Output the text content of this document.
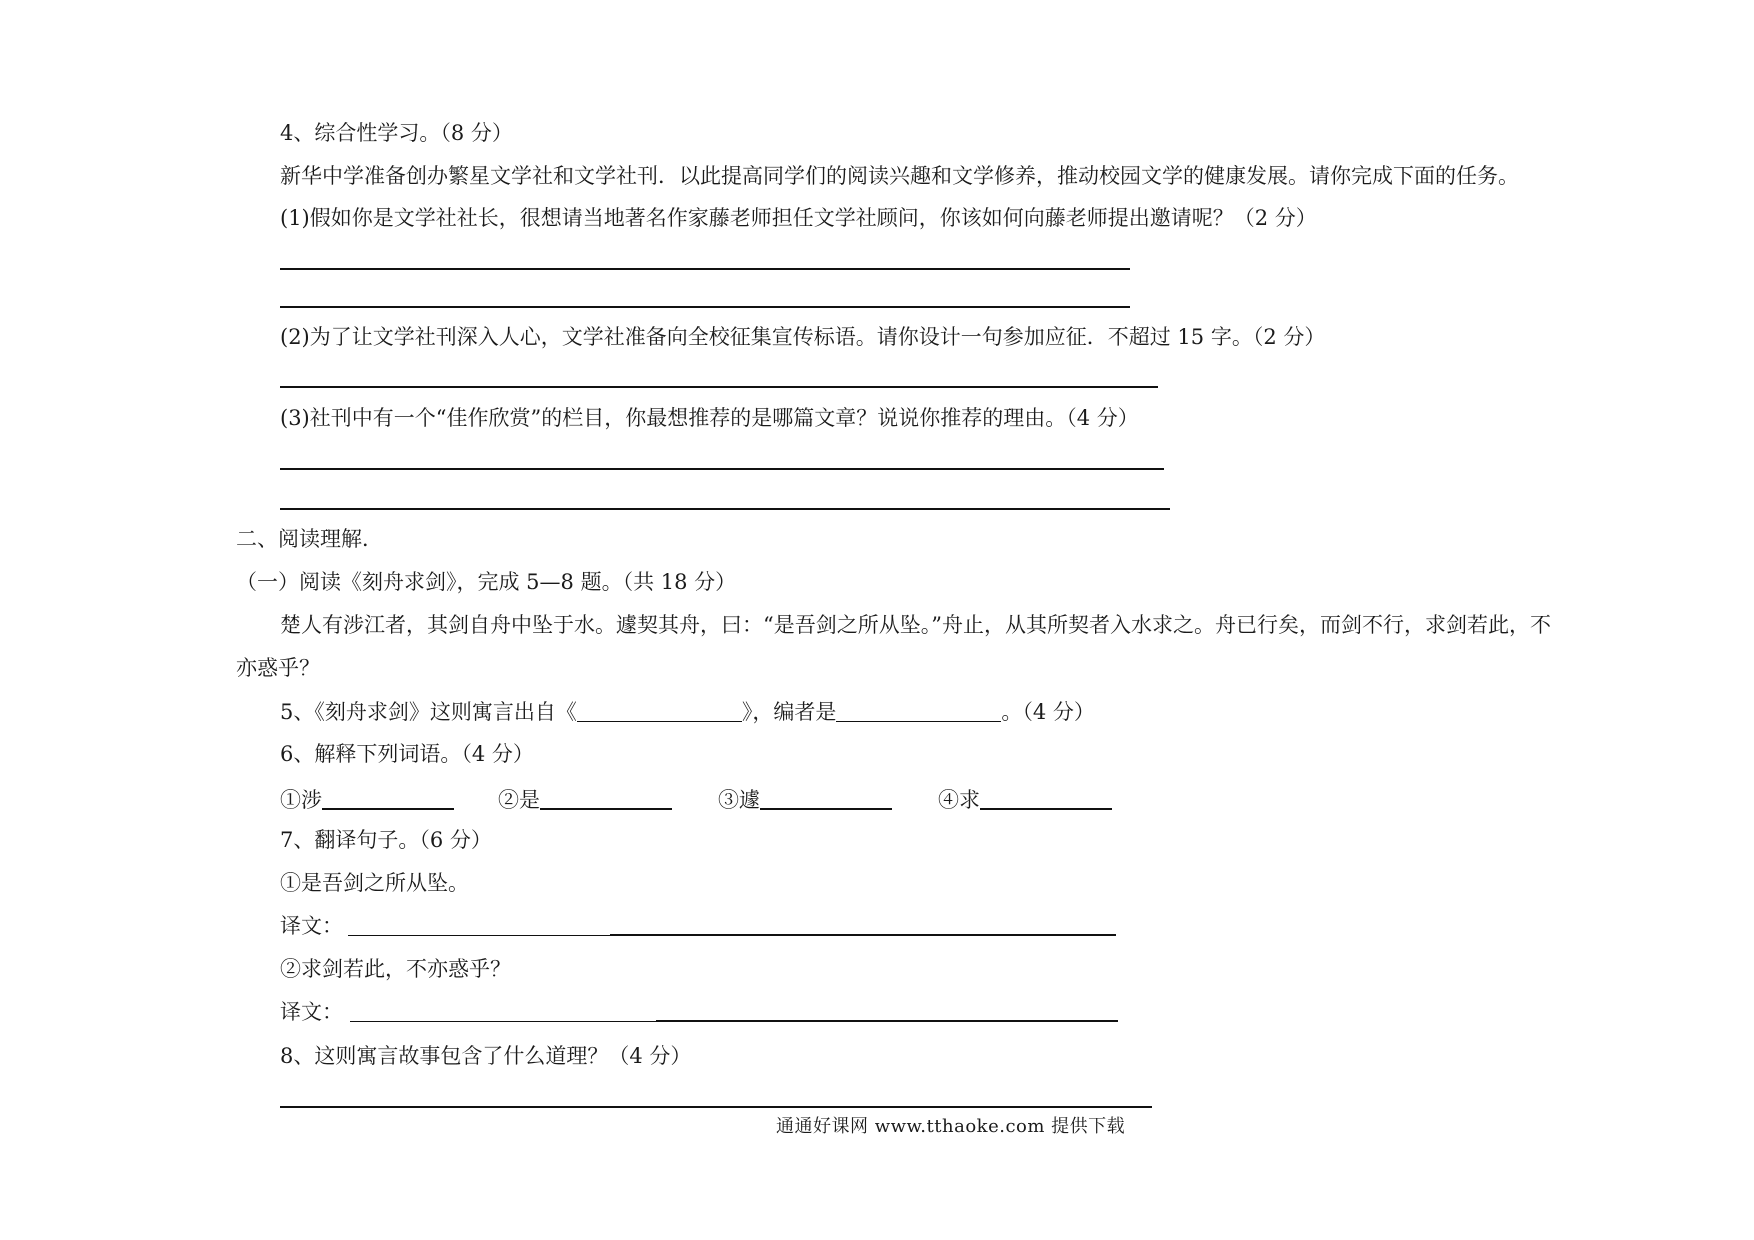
4、综合性学习。（8 分）
新华中学准备创办繁星文学社和文学社刊．以此提高同学们的阅读兴趣和文学修养，推动校园文学的健康发展。请你完成下面的任务。
(1)假如你是文学社社长，很想请当地著名作家藤老师担任文学社顾问，你该如何向藤老师提出邀请呢？（2 分）
(2)为了让文学社刊深入人心，文学社准备向全校征集宣传标语。请你设计一句参加应征．不超过 15 字。（2 分）
(3)社刊中有一个“佳作欣赏”的栏目，你最想推荐的是哪篇文章？说说你推荐的理由。（4 分）
二、阅读理解．
（一）阅读《刻舟求剑》，完成 5—8 题。（共 18 分）
楚人有涉江者，其剑自舟中坠于水。遽契其舟，曰：“是吾剑之所从坠。”舟止，从其所契者入水求之。舟已行矣，而剑不行，求剑若此，不
亦惑乎？
5、《刻舟求剑》这则寓言出自《	》，编者是	。（4 分）
6、解释下列词语。（4 分）
①涉	②是	③遽	④求
7、翻译句子。（6 分）
①是吾剑之所从坠。
译文：
②求剑若此，不亦惑乎？
译文：
8、这则寓言故事包含了什么道理？（4 分）
通通好课网 www.tthaoke.com 提供下载
